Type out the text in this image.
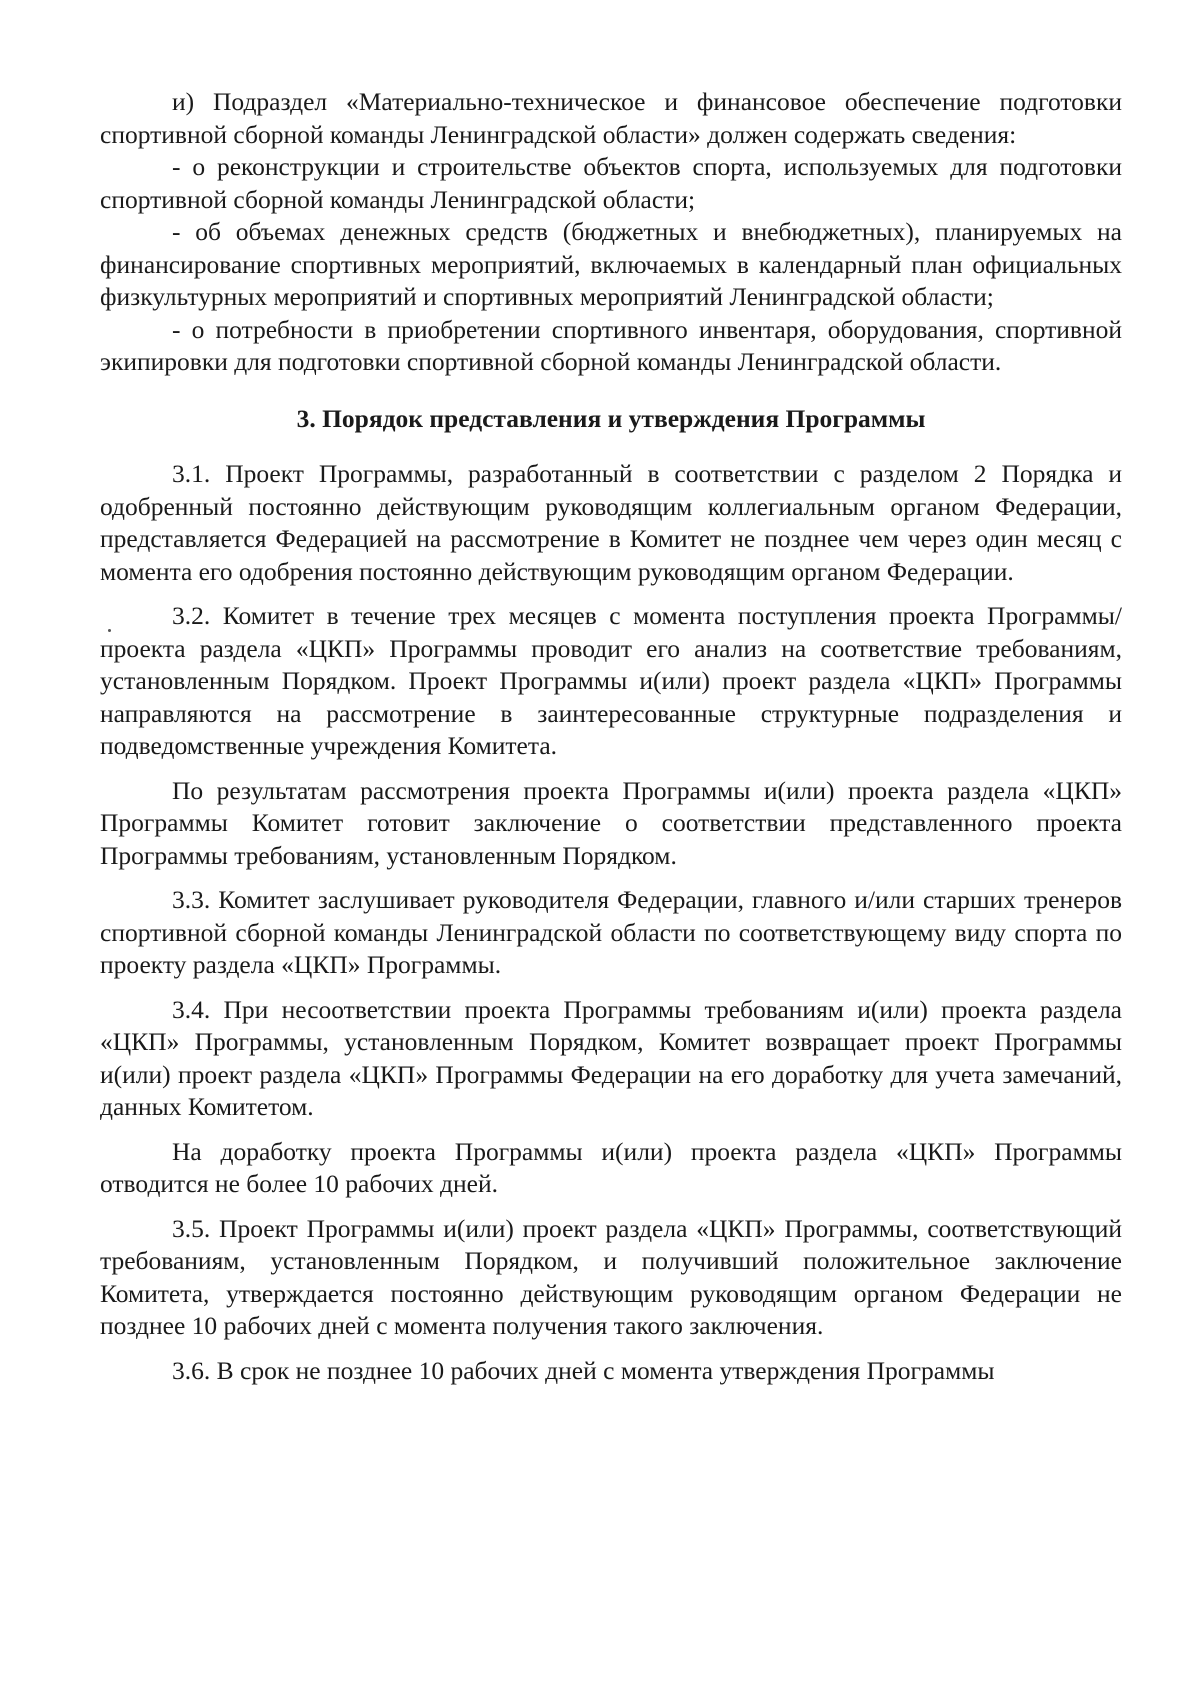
и) Подраздел «Материально-техническое и финансовое обеспечение подготовки спортивной сборной команды Ленинградской области» должен содержать сведения:

- о реконструкции и строительстве объектов спорта, используемых для подготовки спортивной сборной команды Ленинградской области;

- об объемах денежных средств (бюджетных и внебюджетных), планируемых на финансирование спортивных мероприятий, включаемых в календарный план официальных физкультурных мероприятий и спортивных мероприятий Ленинградской области;

- о потребности в приобретении спортивного инвентаря, оборудования, спортивной экипировки для подготовки спортивной сборной команды Ленинградской области.

3. Порядок представления и утверждения Программы

3.1. Проект Программы, разработанный в соответствии с разделом 2 Порядка и одобренный постоянно действующим руководящим коллегиальным органом Федерации, представляется Федерацией на рассмотрение в Комитет не позднее чем через один месяц с момента его одобрения постоянно действующим руководящим органом Федерации.

3.2. Комитет в течение трех месяцев с момента поступления проекта Программы/проекта раздела «ЦКП» Программы проводит его анализ на соответствие требованиям, установленным Порядком. Проект Программы и(или) проект раздела «ЦКП» Программы направляются на рассмотрение в заинтересованные структурные подразделения и подведомственные учреждения Комитета.

По результатам рассмотрения проекта Программы и(или) проекта раздела «ЦКП» Программы Комитет готовит заключение о соответствии представленного проекта Программы требованиям, установленным Порядком.

3.3. Комитет заслушивает руководителя Федерации, главного и/или старших тренеров спортивной сборной команды Ленинградской области по соответствующему виду спорта по проекту раздела «ЦКП» Программы.

3.4. При несоответствии проекта Программы требованиям и(или) проекта раздела «ЦКП» Программы, установленным Порядком, Комитет возвращает проект Программы и(или) проект раздела «ЦКП» Программы Федерации на его доработку для учета замечаний, данных Комитетом.

На доработку проекта Программы и(или) проекта раздела «ЦКП» Программы отводится не более 10 рабочих дней.

3.5. Проект Программы и(или) проект раздела «ЦКП» Программы, соответствующий требованиям, установленным Порядком, и получивший положительное заключение Комитета, утверждается постоянно действующим руководящим органом Федерации не позднее 10 рабочих дней с момента получения такого заключения.

3.6. В срок не позднее 10 рабочих дней с момента утверждения Программы
